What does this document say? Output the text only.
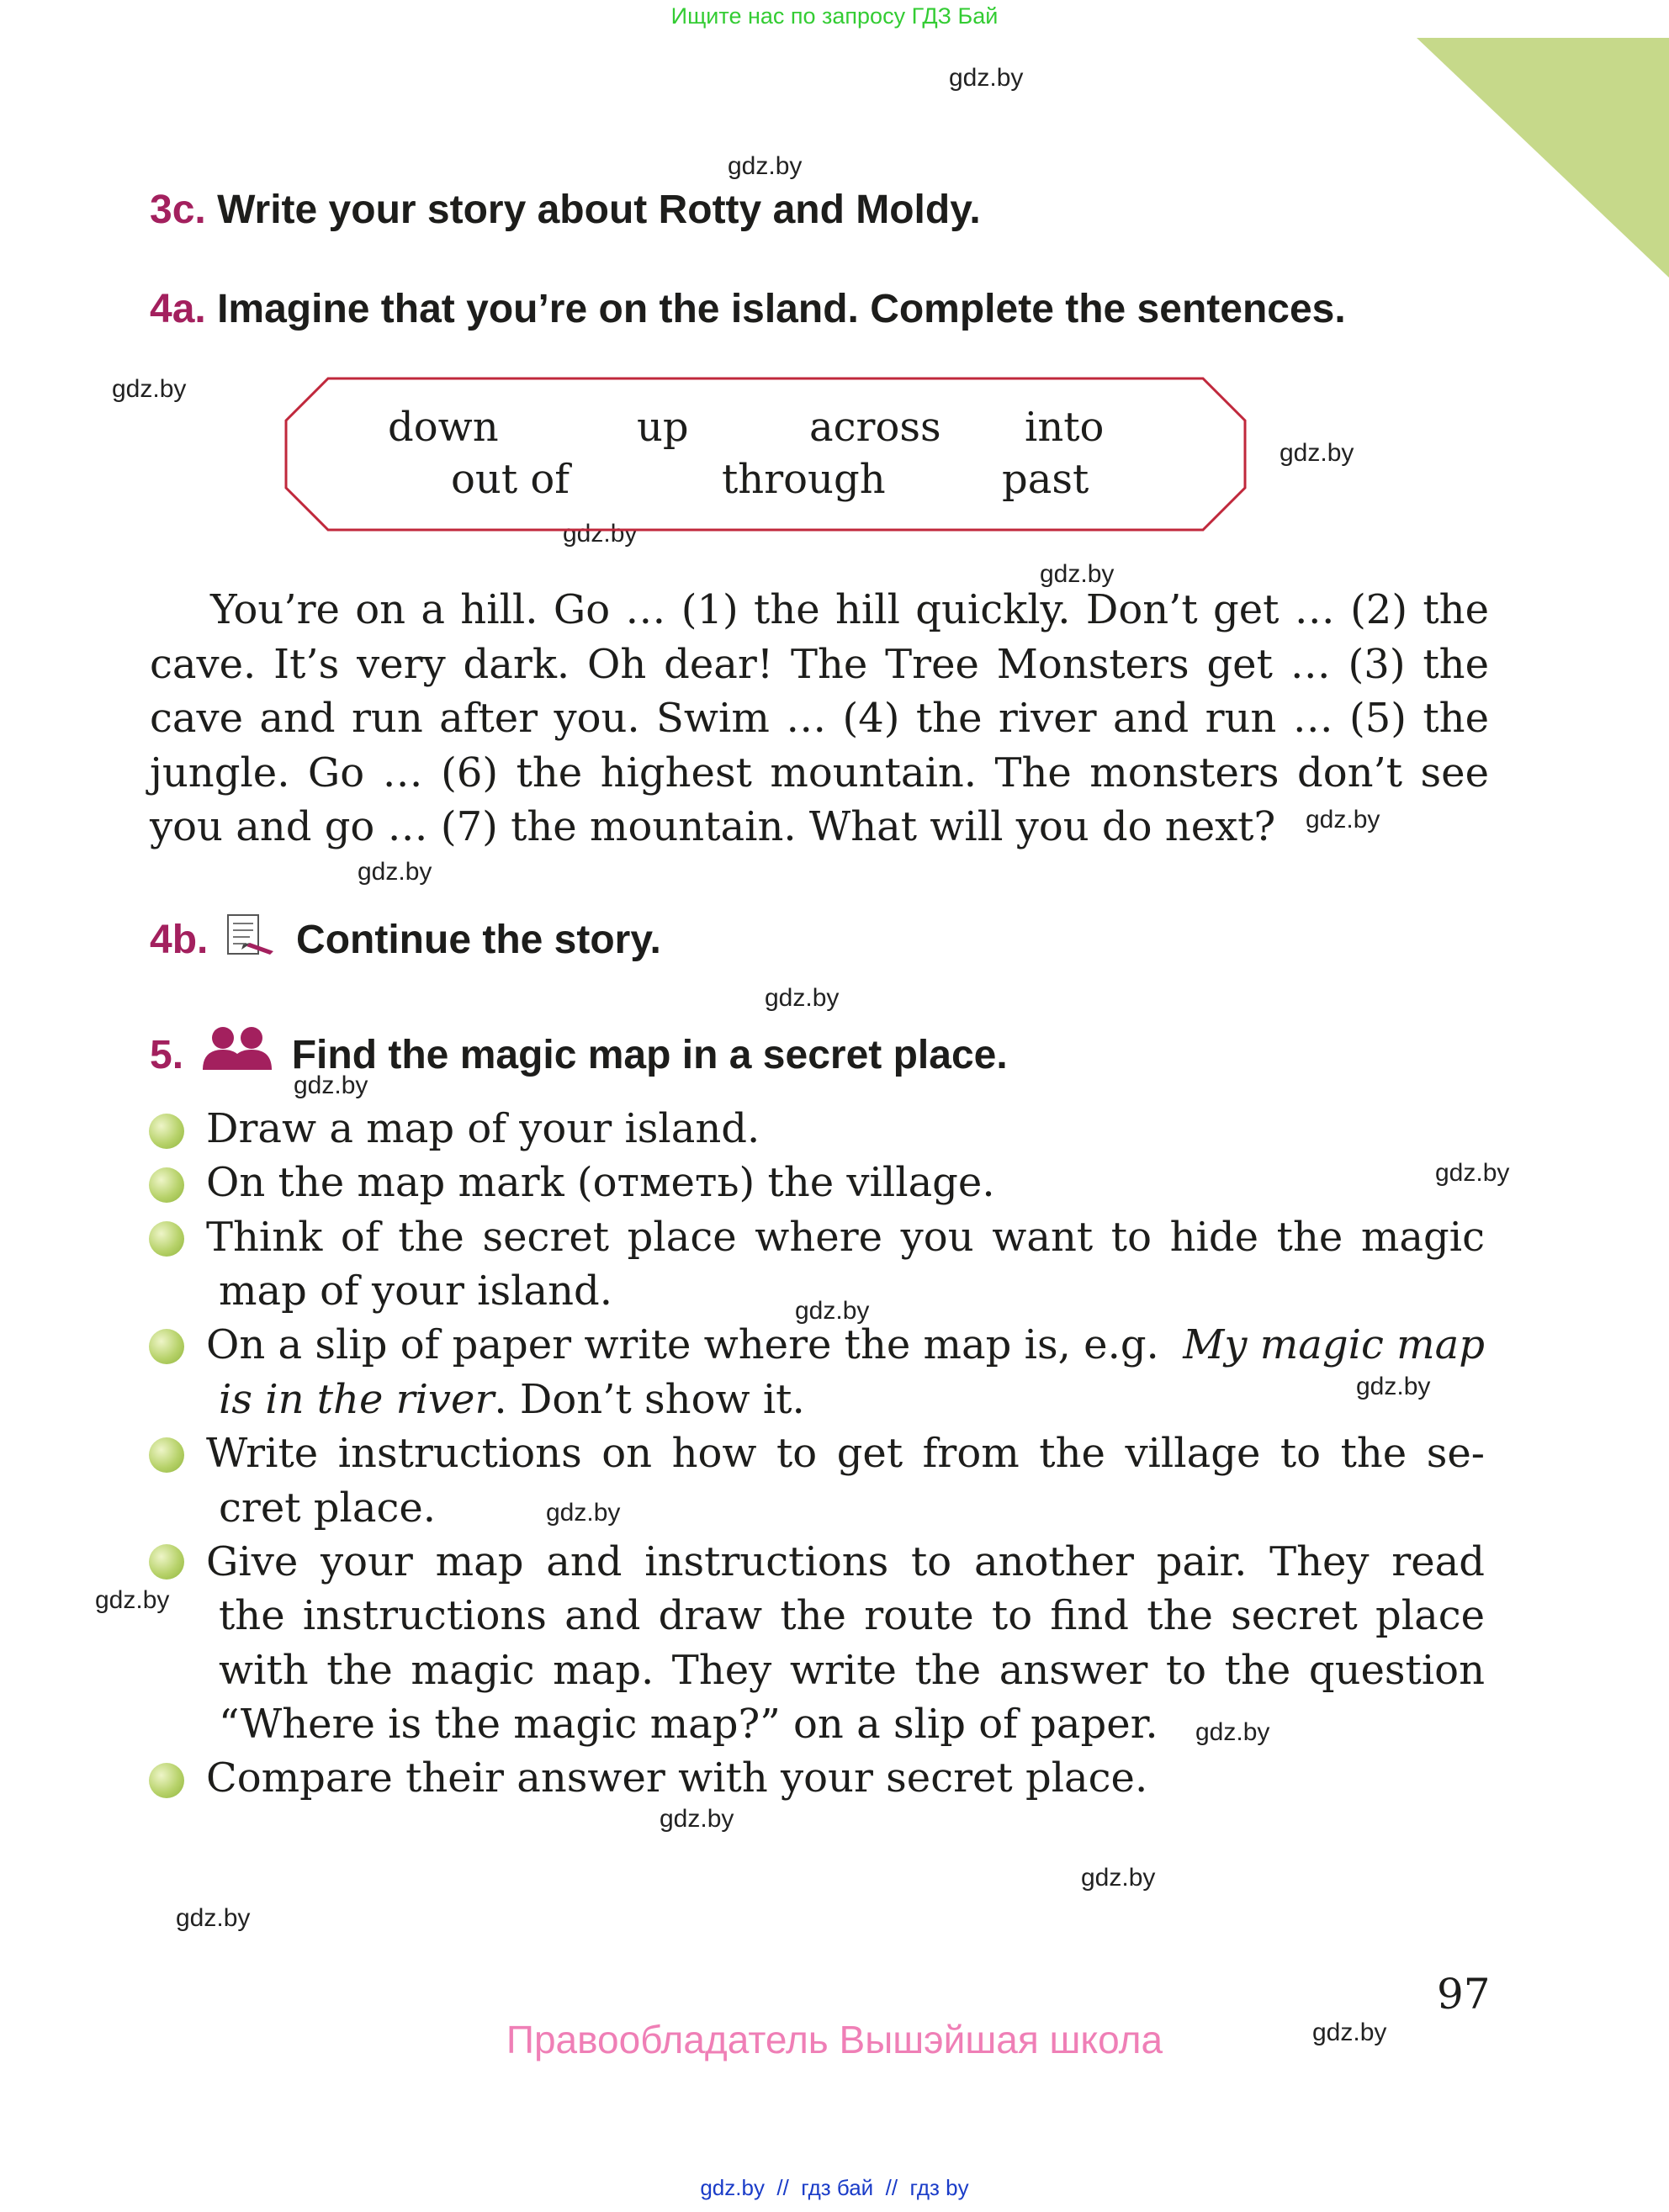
Ищите нас по запросу ГДЗ Бай
gdz.by
gdz.by
gdz.by
gdz.by
gdz.by
gdz.by
gdz.by
gdz.by
gdz.by
gdz.by
gdz.by
gdz.by
gdz.by
gdz.by
gdz.by
gdz.by
gdz.by
gdz.by
gdz.by
gdz.by
3c. Write your story about Rotty and Moldy.
4a. Imagine that you’re on the island. Complete the sentences.
down	up	across into
out of	through	past
You’re on a hill. Go … (1) the hill quickly. Don’t get … (2) the
cave. It’s very dark. Oh dear! The Tree Monsters get … (3) the
cave and run after you. Swim … (4) the river and run … (5) the
jungle. Go … (6) the highest mountain. The monsters don’t see
you and go … (7) the mountain. What will you do next?
4b. Continue the story.
5.	Find the magic map in a secret place.
Draw a map of your island.
On the map mark (отметь) the village.
Think of the secret place where you want to hide the magic
map of your island.
On a slip of paper write where the map is, e.g. My magic map
is in the river. Don’t show it.
Write instructions on how to get from the village to the se-
cret place.
Give your map and instructions to another pair. They read
the instructions and draw the route to find the secret place
with the magic map. They write the answer to the question
“Where is the magic map?” on a slip of paper.
Compare their answer with your secret place.
97
Правообладатель Вышэйшая школа
gdz.by  //  гдз бай  //  гдз by
